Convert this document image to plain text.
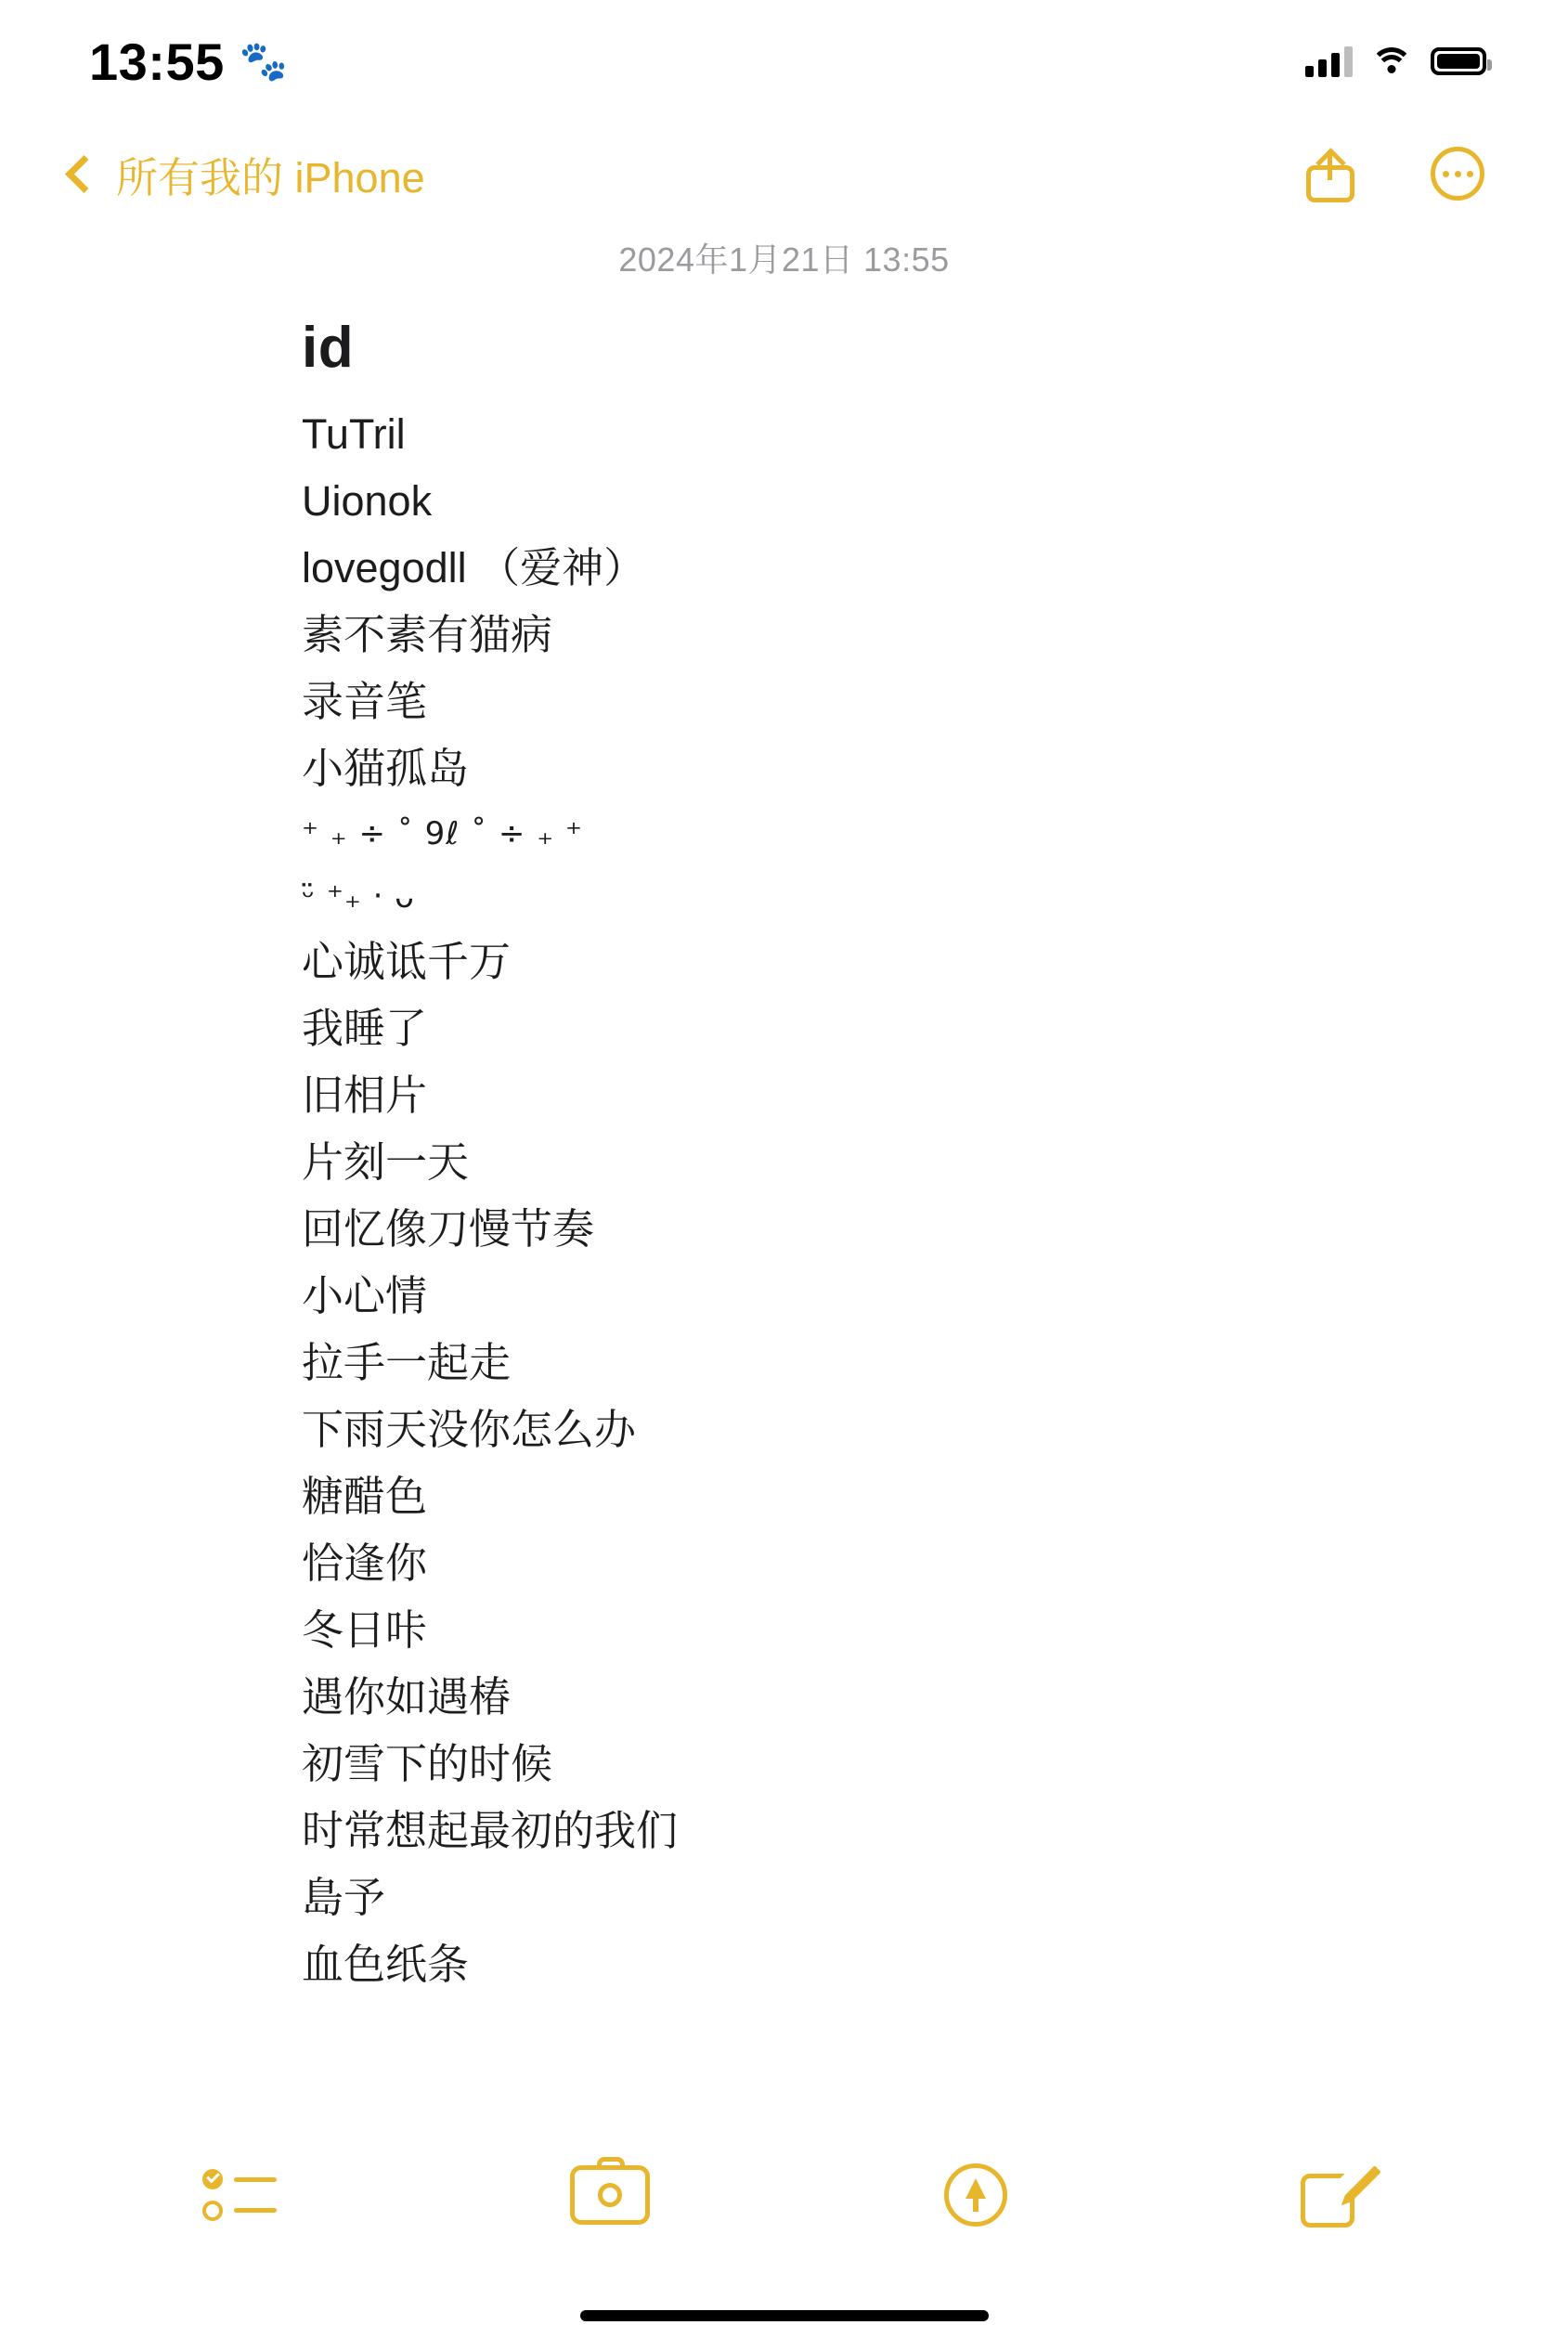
13:55 🐾
所有我的 iPhone
2024年1月21日 13:55
id
TuTril
Uionok
lovegodll （爱神）
素不素有猫病
录音笔
小猫孤岛
⁺ ₊ ÷ ˚ 9ℓ ˚ ÷ ₊ ⁺
ᵕ̈ ⁺₊ ‧ ᴗ
心诚诋千万
我睡了
旧相片
片刻一天
回忆像刀慢节奏
小心情
拉手一起走
下雨天没你怎么办
糖醋色
恰逢你
冬日咔
遇你如遇椿
初雪下的时候
时常想起最初的我们
島予
血色纸条
